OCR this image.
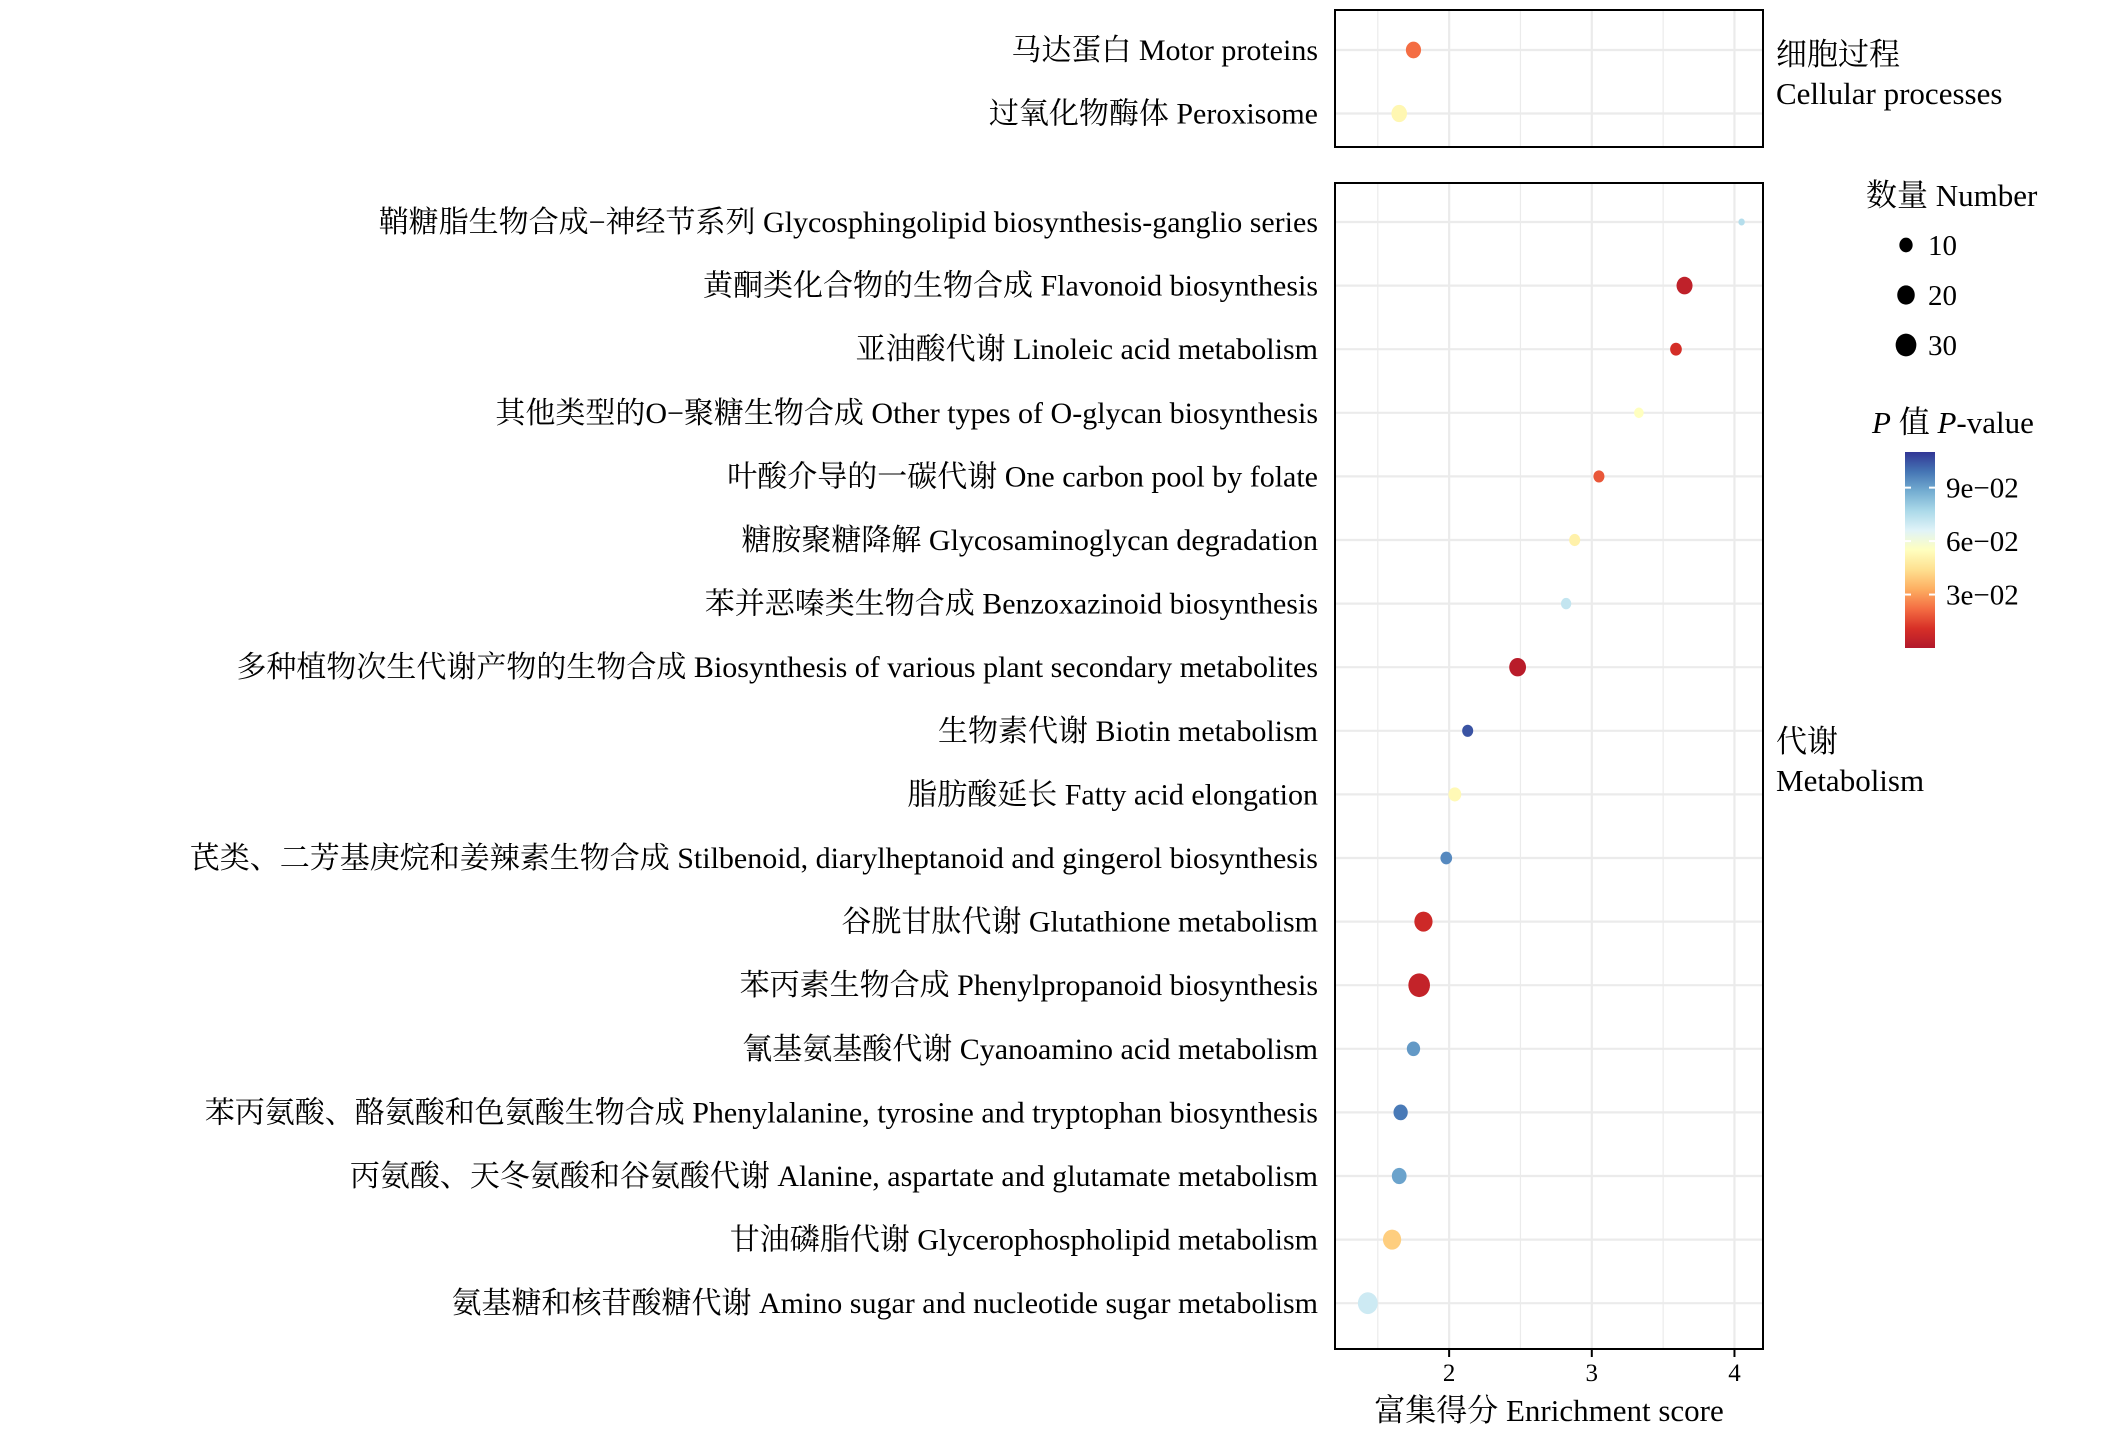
马达蛋白 Motor proteins
过氧化物酶体 Peroxisome
细胞过程
Cellular processes
鞘糖脂生物合成−神经节系列 Glycosphingolipid biosynthesis-ganglio series
黄酮类化合物的生物合成 Flavonoid biosynthesis
亚油酸代谢 Linoleic acid metabolism
其他类型的O−聚糖生物合成 Other types of O-glycan biosynthesis
叶酸介导的一碳代谢 One carbon pool by folate
糖胺聚糖降解 Glycosaminoglycan degradation
苯并恶嗪类生物合成 Benzoxazinoid biosynthesis
多种植物次生代谢产物的生物合成 Biosynthesis of various plant secondary metabolites
生物素代谢 Biotin metabolism
脂肪酸延长 Fatty acid elongation
芪类、二芳基庚烷和姜辣素生物合成 Stilbenoid, diarylheptanoid and gingerol biosynthesis
谷胱甘肽代谢 Glutathione metabolism
苯丙素生物合成 Phenylpropanoid biosynthesis
氰基氨基酸代谢 Cyanoamino acid metabolism
苯丙氨酸、酪氨酸和色氨酸生物合成 Phenylalanine, tyrosine and tryptophan biosynthesis
丙氨酸、天冬氨酸和谷氨酸代谢 Alanine, aspartate and glutamate metabolism
甘油磷脂代谢 Glycerophospholipid metabolism
氨基糖和核苷酸糖代谢 Amino sugar and nucleotide sugar metabolism
代谢
Metabolism
2	3	4
富集得分 Enrichment score
数量 Number
10
20
30
P 值 P-value
9e−02
6e−02
3e−02
